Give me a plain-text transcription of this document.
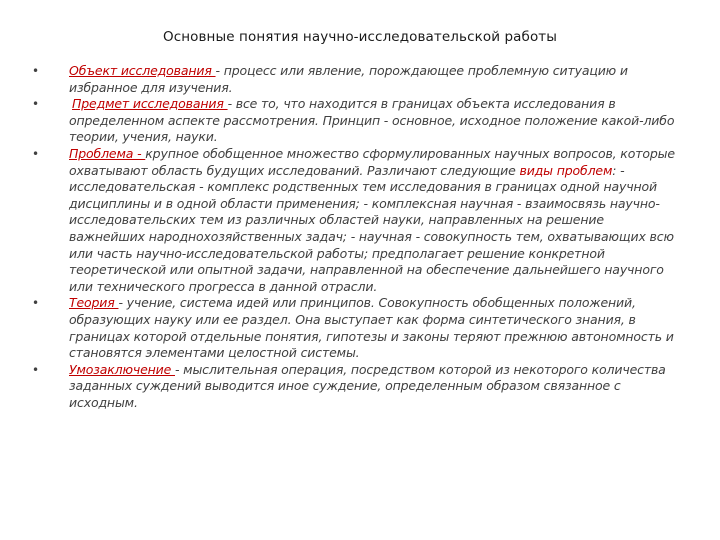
Основные понятия научно-исследовательской работы
• Объект исследования - процесс или явление, порождающее проблемную ситуацию и избранное для изучения.
•	Предмет исследования - все то, что находится в границах объекта исследования в определенном аспекте рассмотрения. Принцип - основное, исходное положение какой-либо теории, учения, науки.
• Проблема - крупное обобщенное множество сформулированных научных вопросов, которые охватывают область будущих исследований. Различают следующие виды проблем: - исследовательская - комплекс родственных тем исследования в границах одной научной дисциплины и в одной области применения; - комплексная научная - взаимосвязь научно-исследовательских тем из различных областей науки, направленных на решение важнейших народнохозяйственных задач; - научная - совокупность тем, охватывающих всю или часть научно-исследовательской работы; предполагает решение конкретной теоретической или опытной задачи, направленной на обеспечение дальнейшего научного или технического прогресса в данной отрасли.
• Теория - учение, система идей или принципов. Совокупность обобщенных положений, образующих науку или ее раздел. Она выступает как форма синтетического знания, в границах которой отдельные понятия, гипотезы и законы теряют прежнюю автономность и становятся элементами целостной системы.
• Умозаключение - мыслительная операция, посредством которой из некоторого количества заданных суждений выводится иное суждение, определенным образом связанное с исходным.
